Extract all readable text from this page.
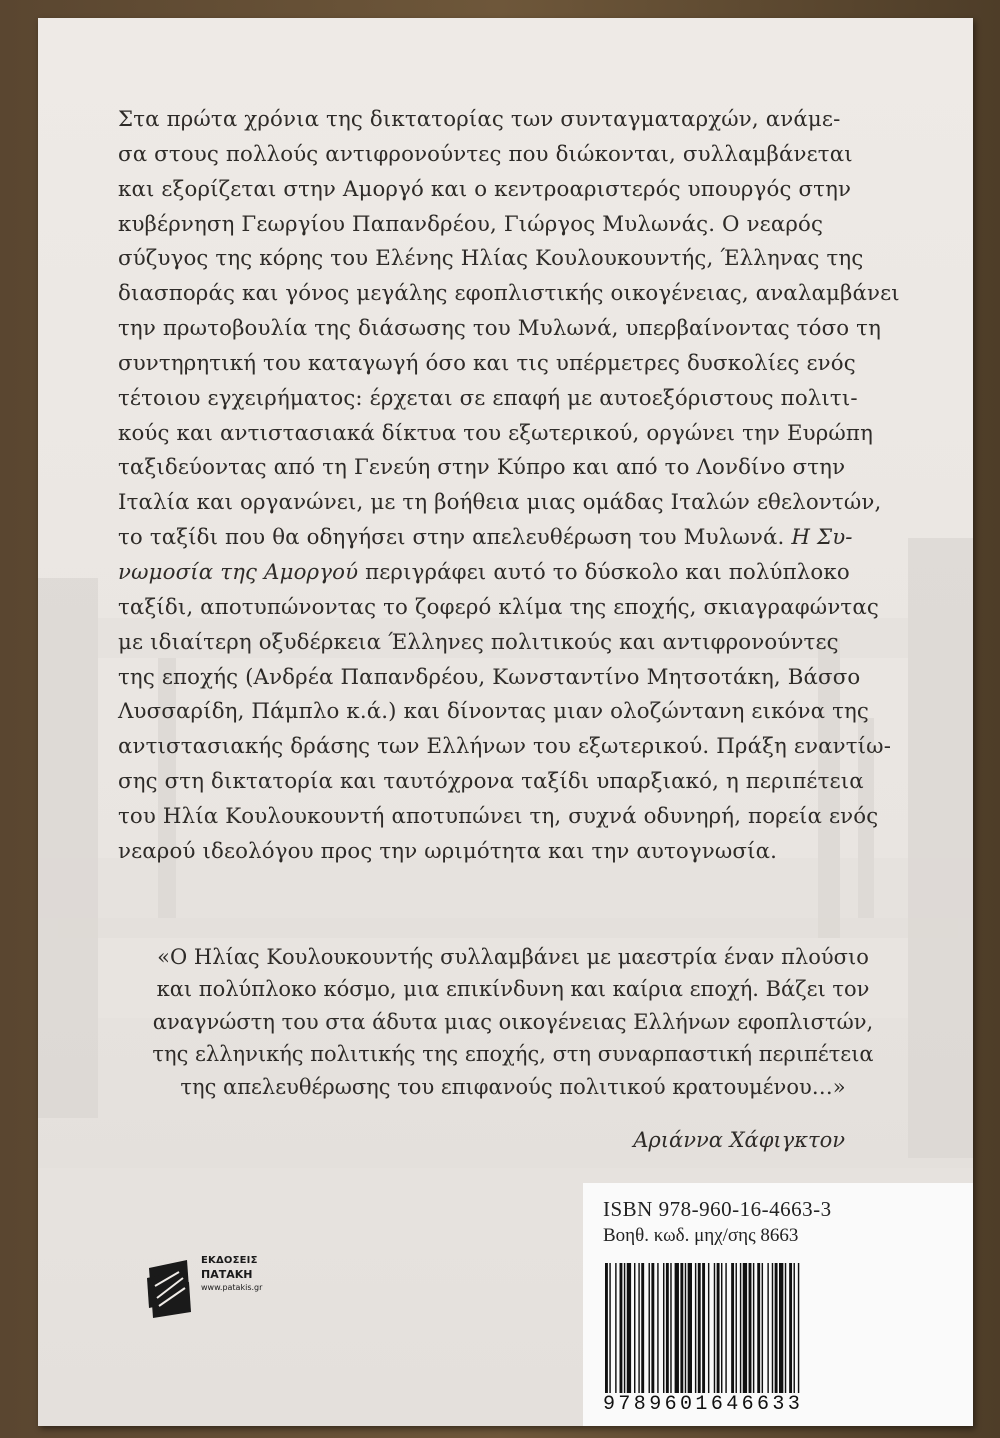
Στα πρώτα χρόνια της δικτατορίας των συνταγματαρχών, ανάμε-
σα στους πολλούς αντιφρονούντες που διώκονται, συλλαμβάνεται
και εξορίζεται στην Αμοργό και ο κεντροαριστερός υπουργός στην
κυβέρνηση Γεωργίου Παπανδρέου, Γιώργος Μυλωνάς. Ο νεαρός
σύζυγος της κόρης του Ελένης Ηλίας Κουλουκουντής, Έλληνας της
διασποράς και γόνος μεγάλης εφοπλιστικής οικογένειας, αναλαμβάνει
την πρωτοβουλία της διάσωσης του Μυλωνά, υπερβαίνοντας τόσο τη
συντηρητική του καταγωγή όσο και τις υπέρμετρες δυσκολίες ενός
τέτοιου εγχειρήματος: έρχεται σε επαφή με αυτοεξόριστους πολιτι-
κούς και αντιστασιακά δίκτυα του εξωτερικού, οργώνει την Ευρώπη
ταξιδεύοντας από τη Γενεύη στην Κύπρο και από το Λονδίνο στην
Ιταλία και οργανώνει, με τη βοήθεια μιας ομάδας Ιταλών εθελοντών,
το ταξίδι που θα οδηγήσει στην απελευθέρωση του Μυλωνά. Η Συ-
νωμοσία της Αμοργού περιγράφει αυτό το δύσκολο και πολύπλοκο
ταξίδι, αποτυπώνοντας το ζοφερό κλίμα της εποχής, σκιαγραφώντας
με ιδιαίτερη οξυδέρκεια Έλληνες πολιτικούς και αντιφρονούντες
της εποχής (Ανδρέα Παπανδρέου, Κωνσταντίνο Μητσοτάκη, Βάσσο
Λυσσαρίδη, Πάμπλο κ.ά.) και δίνοντας μιαν ολοζώντανη εικόνα της
αντιστασιακής δράσης των Ελλήνων του εξωτερικού. Πράξη εναντίω-
σης στη δικτατορία και ταυτόχρονα ταξίδι υπαρξιακό, η περιπέτεια
του Ηλία Κουλουκουντή αποτυπώνει τη, συχνά οδυνηρή, πορεία ενός
νεαρού ιδεολόγου προς την ωριμότητα και την αυτογνωσία.
«Ο Ηλίας Κουλουκουντής συλλαμβάνει με μαεστρία έναν πλούσιο
και πολύπλοκο κόσμο, μια επικίνδυνη και καίρια εποχή. Βάζει τον
αναγνώστη του στα άδυτα μιας οικογένειας Ελλήνων εφοπλιστών,
της ελληνικής πολιτικής της εποχής, στη συναρπαστική περιπέτεια
της απελευθέρωσης του επιφανούς πολιτικού κρατουμένου…»
Αριάννα Χάφιγκτον
ΕΚΔΟΣΕΙΣ
ΠΑΤΑΚΗ
www.patakis.gr
ISBN 978-960-16-4663-3
Βοηθ. κωδ. μηχ/σης 8663
9789601646633
